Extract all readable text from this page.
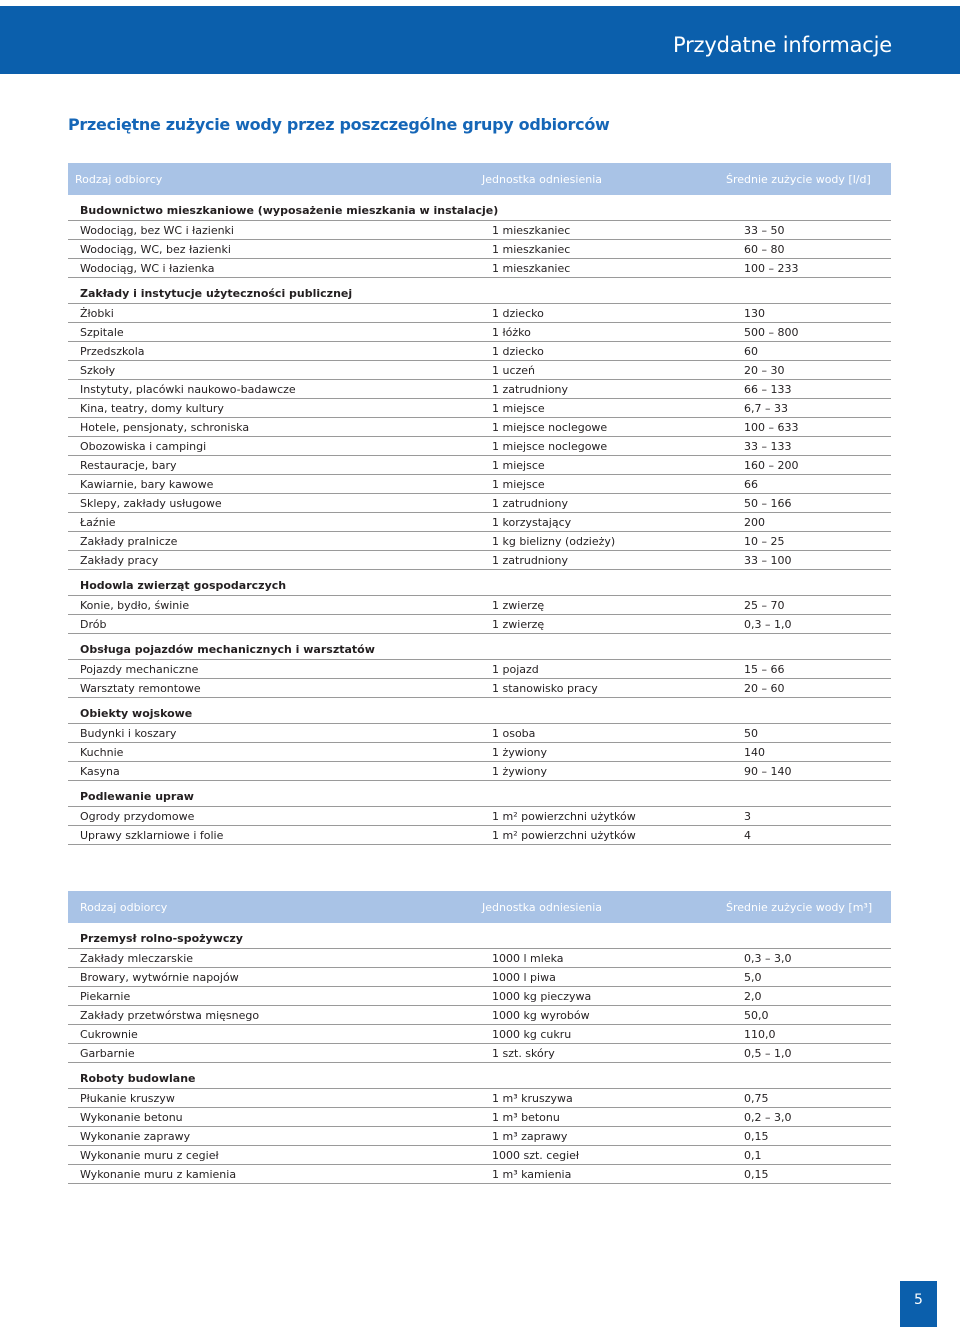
Przydatne informacje
Przeciętne zużycie wody przez poszczególne grupy odbiorców
Rodzaj odbiorcy	Jednostka odniesienia	Średnie zużycie wody [l/d]
Budownictwo mieszkaniowe (wyposażenie mieszkania w instalacje)
Wodociąg, bez WC i łazienki	1 mieszkaniec	33 – 50
Wodociąg, WC, bez łazienki	1 mieszkaniec	60 – 80
Wodociąg, WC i łazienka	1 mieszkaniec	100 – 233
Zakłady i instytucje użyteczności publicznej
Żłobki	1 dziecko	130
Szpitale	1 łóżko	500 – 800
Przedszkola	1 dziecko	60
Szkoły	1 uczeń	20 – 30
Instytuty, placówki naukowo-badawcze	1 zatrudniony	66 – 133
Kina, teatry, domy kultury	1 miejsce	6,7 – 33
Hotele, pensjonaty, schroniska	1 miejsce noclegowe	100 – 633
Obozowiska i campingi	1 miejsce noclegowe	33 – 133
Restauracje, bary	1 miejsce	160 – 200
Kawiarnie, bary kawowe	1 miejsce	66
Sklepy, zakłady usługowe	1 zatrudniony	50 – 166
Łaźnie	1 korzystający	200
Zakłady pralnicze	1 kg bielizny (odzieży)	10 – 25
Zakłady pracy	1 zatrudniony	33 – 100
Hodowla zwierząt gospodarczych
Konie, bydło, świnie	1 zwierzę	25 – 70
Drób	1 zwierzę	0,3 – 1,0
Obsługa pojazdów mechanicznych i warsztatów
Pojazdy mechaniczne	1 pojazd	15 – 66
Warsztaty remontowe	1 stanowisko pracy	20 – 60
Obiekty wojskowe
Budynki i koszary	1 osoba	50
Kuchnie	1 żywiony	140
Kasyna	1 żywiony	90 – 140
Podlewanie upraw
Ogrody przydomowe	1 m² powierzchni użytków	3
Uprawy szklarniowe i folie	1 m² powierzchni użytków	4
Rodzaj odbiorcy	Jednostka odniesienia	Średnie zużycie wody [m³]
Przemysł rolno-spożywczy
Zakłady mleczarskie	1000 l mleka	0,3 – 3,0
Browary, wytwórnie napojów	1000 l piwa	5,0
Piekarnie	1000 kg pieczywa	2,0
Zakłady przetwórstwa mięsnego	1000 kg wyrobów	50,0
Cukrownie	1000 kg cukru	110,0
Garbarnie	1 szt. skóry	0,5 – 1,0
Roboty budowlane
Płukanie kruszyw	1 m³ kruszywa	0,75
Wykonanie betonu	1 m³ betonu	0,2 – 3,0
Wykonanie zaprawy	1 m³ zaprawy	0,15
Wykonanie muru z cegieł	1000 szt. cegieł	0,1
Wykonanie muru z kamienia	1 m³ kamienia	0,15
5
